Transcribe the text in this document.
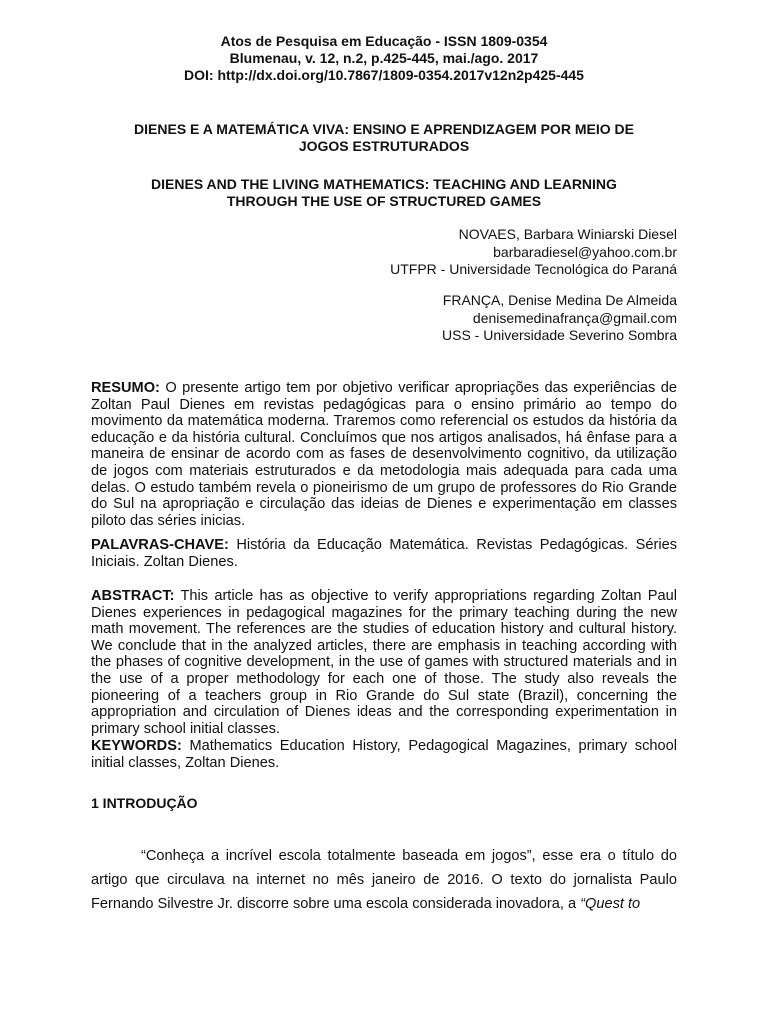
Atos de Pesquisa em Educação - ISSN 1809-0354
Blumenau, v. 12, n.2, p.425-445, mai./ago. 2017
DOI: http://dx.doi.org/10.7867/1809-0354.2017v12n2p425-445
DIENES E A MATEMÁTICA VIVA: ENSINO E APRENDIZAGEM POR MEIO DE
JOGOS ESTRUTURADOS
DIENES AND THE LIVING MATHEMATICS: TEACHING AND LEARNING
THROUGH THE USE OF STRUCTURED GAMES
NOVAES, Barbara Winiarski Diesel
barbaradiesel@yahoo.com.br
UTFPR - Universidade Tecnológica do Paraná
FRANÇA, Denise Medina De Almeida
denisemedinafrança@gmail.com
USS - Universidade Severino Sombra
RESUMO: O presente artigo tem por objetivo verificar apropriações das experiências de Zoltan Paul Dienes em revistas pedagógicas para o ensino primário ao tempo do movimento da matemática moderna. Traremos como referencial os estudos da história da educação e da história cultural. Concluímos que nos artigos analisados, há ênfase para a maneira de ensinar de acordo com as fases de desenvolvimento cognitivo, da utilização de jogos com materiais estruturados e da metodologia mais adequada para cada uma delas. O estudo também revela o pioneirismo de um grupo de professores do Rio Grande do Sul na apropriação e circulação das ideias de Dienes e experimentação em classes piloto das séries inicias.
PALAVRAS-CHAVE: História da Educação Matemática. Revistas Pedagógicas. Séries Iniciais. Zoltan Dienes.
ABSTRACT: This article has as objective to verify appropriations regarding Zoltan Paul Dienes experiences in pedagogical magazines for the primary teaching during the new math movement. The references are the studies of education history and cultural history. We conclude that in the analyzed articles, there are emphasis in teaching according with the phases of cognitive development, in the use of games with structured materials and in the use of a proper methodology for each one of those. The study also reveals the pioneering of a teachers group in Rio Grande do Sul state (Brazil), concerning the appropriation and circulation of Dienes ideas and the corresponding experimentation in primary school initial classes.
KEYWORDS: Mathematics Education History, Pedagogical Magazines, primary school initial classes, Zoltan Dienes.
1 INTRODUÇÃO
“Conheça a incrível escola totalmente baseada em jogos”, esse era o título do artigo que circulava na internet no mês janeiro de 2016. O texto do jornalista Paulo Fernando Silvestre Jr. discorre sobre uma escola considerada inovadora, a “Quest to
